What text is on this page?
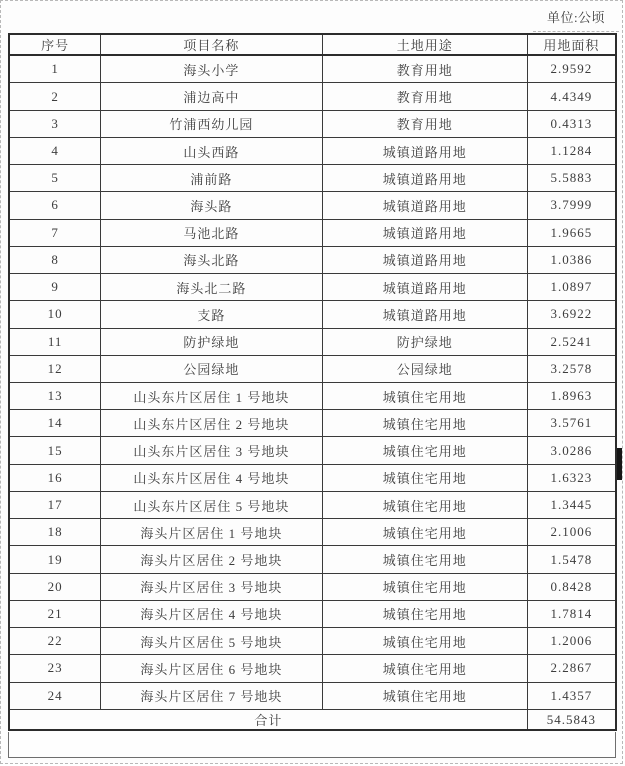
单位:公顷
序号	项目名称	土地用途	用地面积
1	海头小学	教育用地	2.9592
2	浦边高中	教育用地	4.4349
3	竹浦西幼儿园	教育用地	0.4313
4	山头西路	城镇道路用地	1.1284
5	浦前路	城镇道路用地	5.5883
6	海头路	城镇道路用地	3.7999
7	马池北路	城镇道路用地	1.9665
8	海头北路	城镇道路用地	1.0386
9	海头北二路	城镇道路用地	1.0897
10	支路	城镇道路用地	3.6922
11	防护绿地	防护绿地	2.5241
12	公园绿地	公园绿地	3.2578
13	山头东片区居住 1 号地块	城镇住宅用地	1.8963
14	山头东片区居住 2 号地块	城镇住宅用地	3.5761
15	山头东片区居住 3 号地块	城镇住宅用地	3.0286
16	山头东片区居住 4 号地块	城镇住宅用地	1.6323
17	山头东片区居住 5 号地块	城镇住宅用地	1.3445
18	海头片区居住 1 号地块	城镇住宅用地	2.1006
19	海头片区居住 2 号地块	城镇住宅用地	1.5478
20	海头片区居住 3 号地块	城镇住宅用地	0.8428
21	海头片区居住 4 号地块	城镇住宅用地	1.7814
22	海头片区居住 5 号地块	城镇住宅用地	1.2006
23	海头片区居住 6 号地块	城镇住宅用地	2.2867
24	海头片区居住 7 号地块	城镇住宅用地	1.4357
合计			54.5843
